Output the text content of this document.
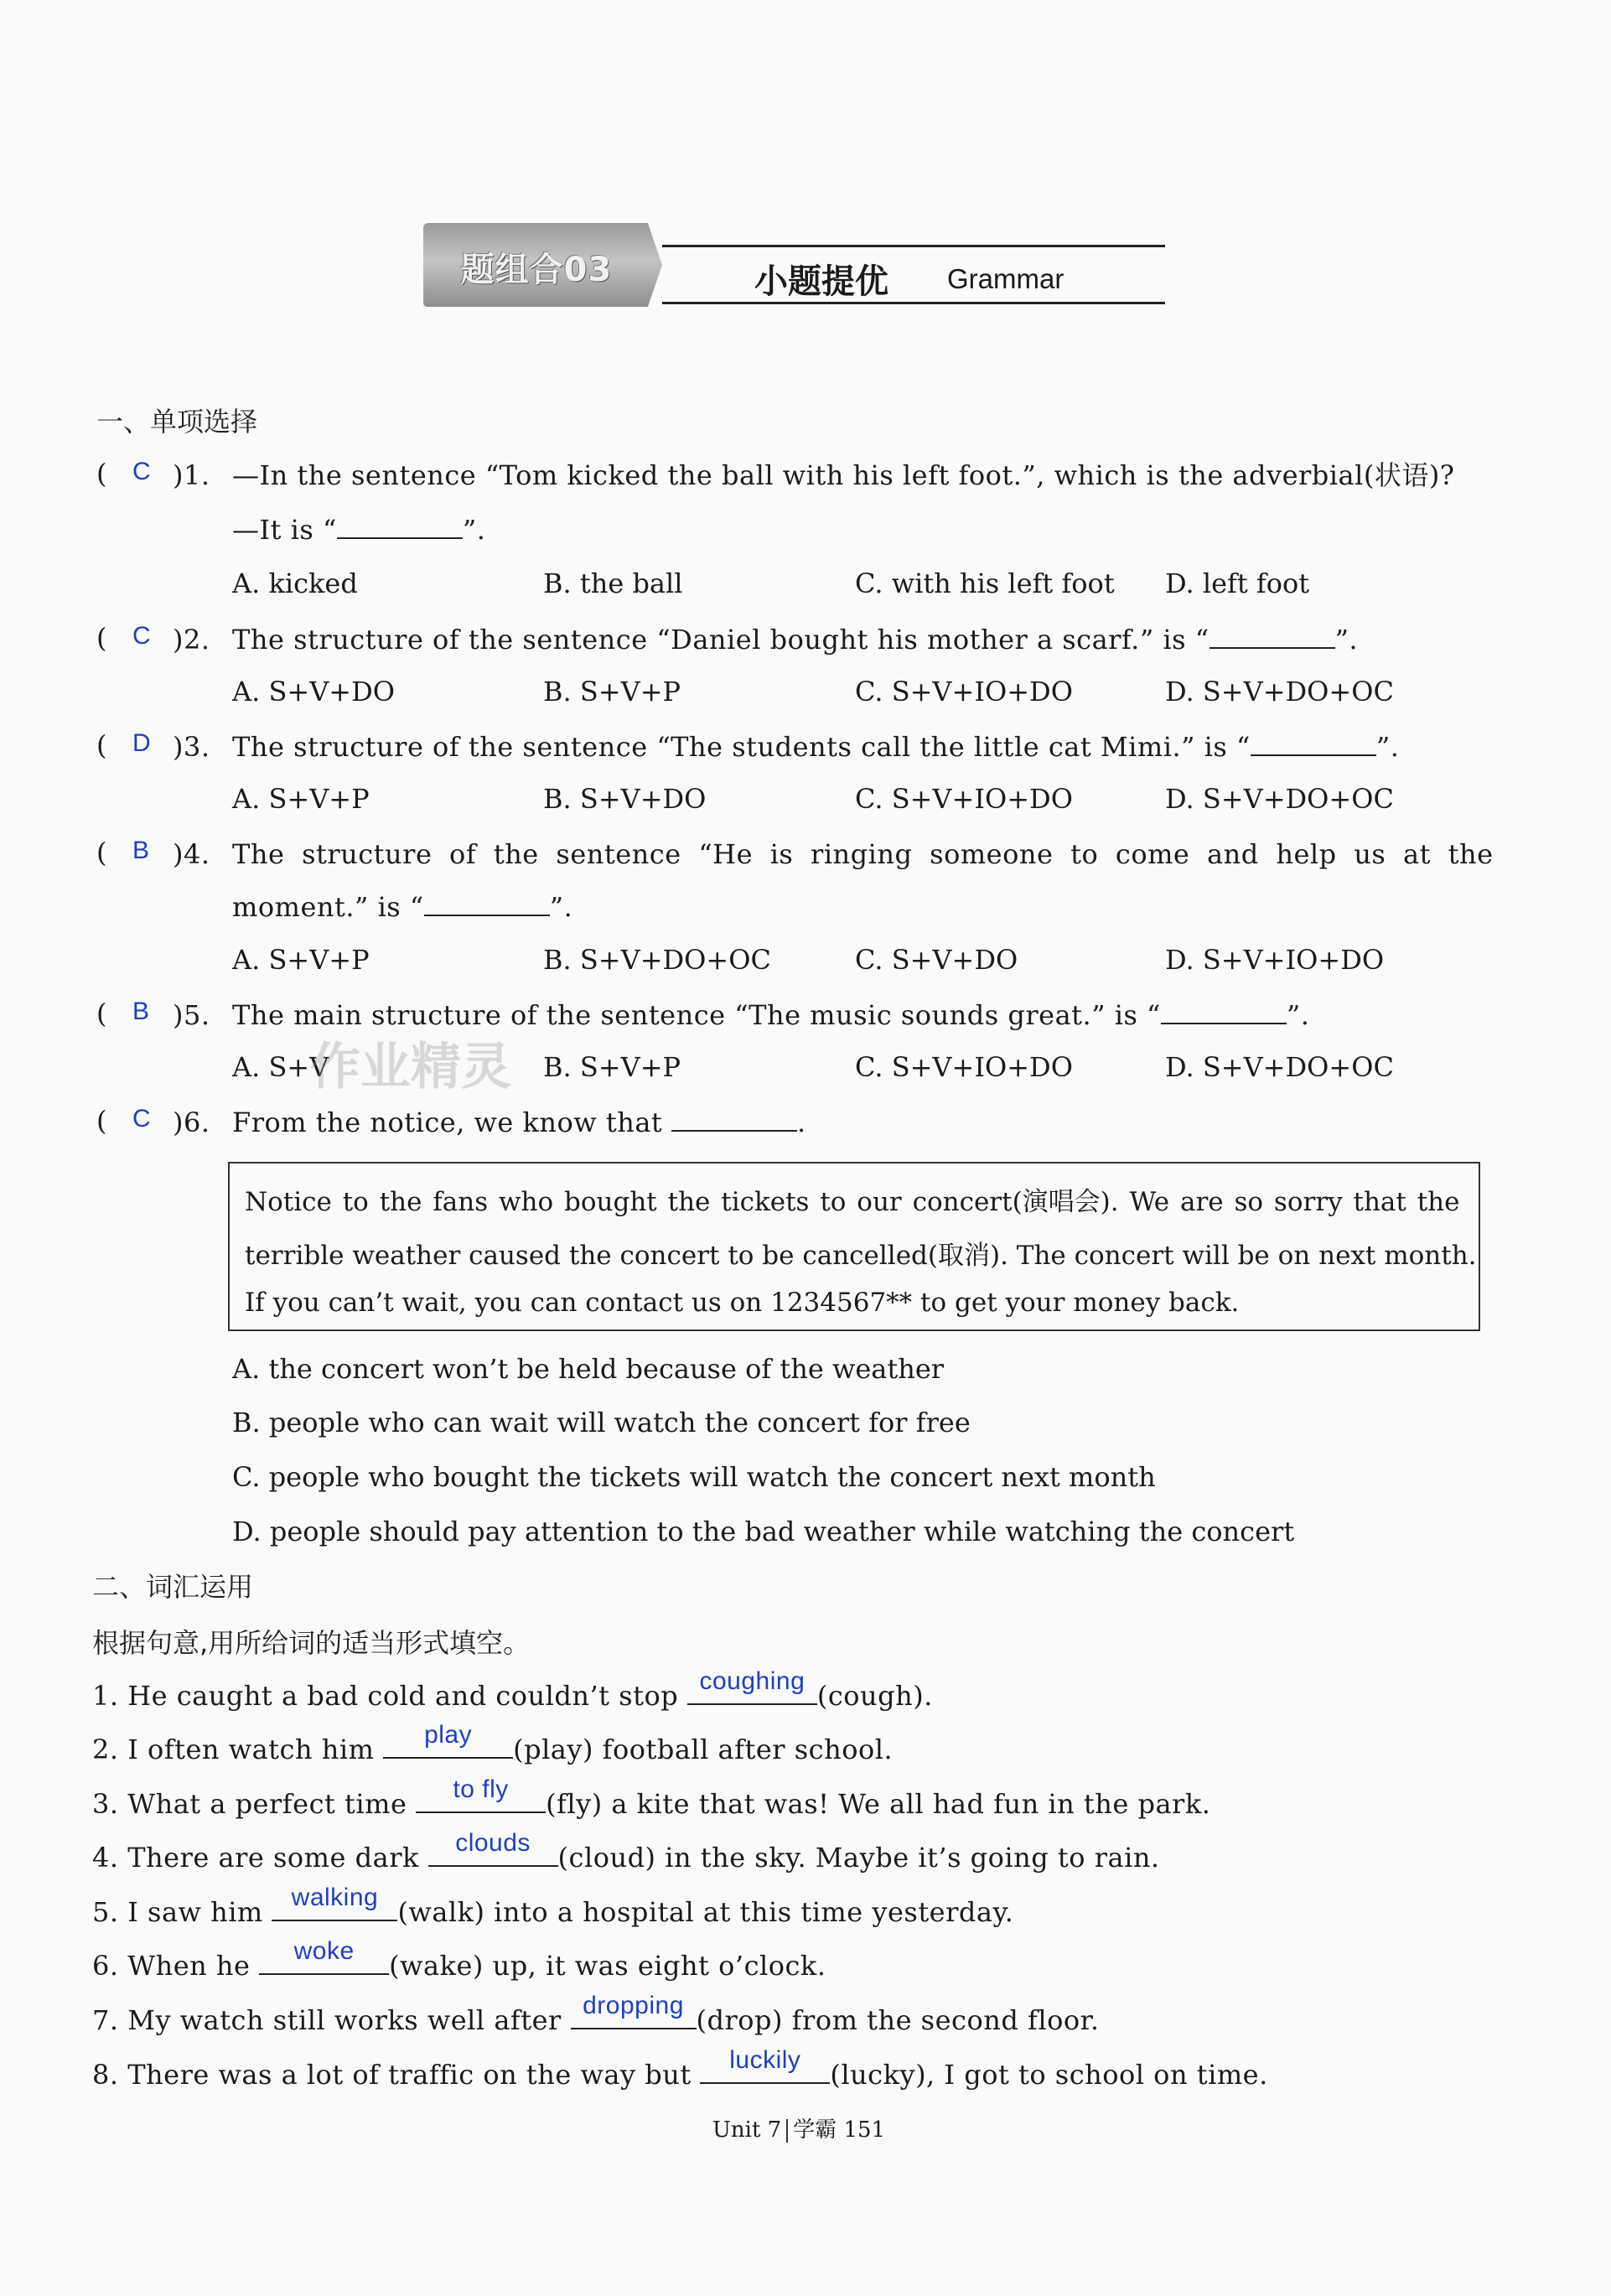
题组合03	小题提优 Grammar
一、单项选择
( C )1. —In the sentence “Tom kicked the ball with his left foot.”, which is the adverbial(状语)?
—It is “	”.
A. kicked	B. the ball	C. with his left foot D. left foot
( C )2. The structure of the sentence “Daniel bought his mother a scarf.” is “	”.
A. S+V+DO	B. S+V+P	C. S+V+IO+DO	D. S+V+DO+OC
( D )3. The structure of the sentence “The students call the little cat Mimi.” is “	”.
A. S+V+P	B. S+V+DO	C. S+V+IO+DO	D. S+V+DO+OC
( B )4. The structure of the sentence “He is ringing someone to come and help us at the
moment.” is “	”.
A. S+V+P	B. S+V+DO+OC	C. S+V+DO	D. S+V+IO+DO
( B )5. The main structure of the sentence “The music sounds great.” is “	”.
A. S+V	B. S+V+P	C. S+V+IO+DO	D. S+V+DO+OC
作业精灵
( C )6. From the notice, we know that	.
Notice to the fans who bought the tickets to our concert(演唱会). We are so sorry that the
terrible weather caused the concert to be cancelled(取消). The concert will be on next month.
If you can’t wait, you can contact us on 1234567** to get your money back.
A. the concert won’t be held because of the weather
B. people who can wait will watch the concert for free
C. people who bought the tickets will watch the concert next month
D. people should pay attention to the bad weather while watching the concert
二、词汇运用
根据句意,用所给词的适当形式填空。
1. He caught a bad cold and couldn’t stop coughing (cough).
2. I often watch him	play	(play) football after school.
3. What a perfect time	to fly	(fly) a kite that was! We all had fun in the park.
4. There are some dark	clouds	(cloud) in the sky. Maybe it’s going to rain.
5. I saw him	walking (walk) into a hospital at this time yesterday.
6. When he	woke	(wake) up, it was eight o’clock.
7. My watch still works well after dropping (drop) from the second floor.
8. There was a lot of traffic on the way but	luckily	(lucky), I got to school on time.
Unit 7 学霸 151
